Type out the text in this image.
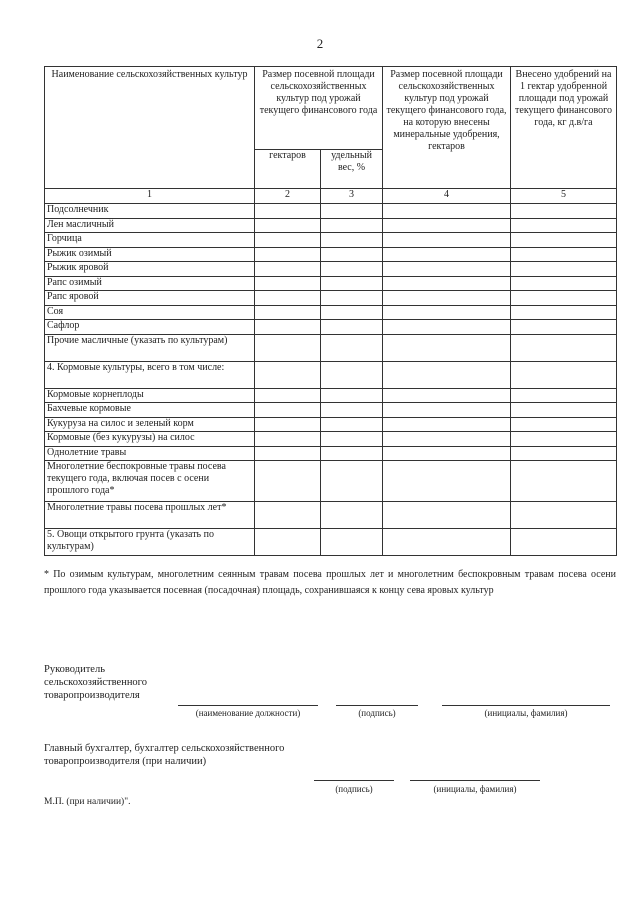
2
Наименование сельскохозяйственных культур	Размер посевной площади сельскохозяйственных культур под урожай текущего финансового года		Размер посевной площади сельскохозяйственных культур под урожай текущего финансового года, на которую внесены минеральные удобрения, гектаров	Внесено удобрений на 1 гектар удобренной площади под урожай текущего финансового года, кг д.в/га
	гектаров	удельный вес, %		
1	2	3	4	5
Подсолнечник				
Лен масличный				
Горчица				
Рыжик озимый				
Рыжик яровой				
Рапс озимый				
Рапс яровой				
Соя				
Сафлор				
Прочие масличные (указать по культурам)				
4. Кормовые культуры, всего в том числе:				
Кормовые корнеплоды				
Бахчевые кормовые				
Кукуруза на силос и зеленый корм				
Кормовые (без кукурузы) на силос				
Однолетние травы				
Многолетние беспокровные травы посева текущего года, включая посев с осени прошлого года*				
Многолетние травы посева прошлых лет*				
5. Овощи открытого грунта (указать по культурам)				
* По озимым культурам, многолетним сеянным травам посева прошлых лет и многолетним беспокровным травам посева осени прошлого года указывается посевная (посадочная) площадь, сохранившаяся к концу сева яровых культур
Руководитель сельскохозяйственного товаропроизводителя
(наименование должности)	(подпись)	(инициалы, фамилия)
Главный бухгалтер, бухгалтер сельскохозяйственного товаропроизводителя (при наличии)
(подпись)	(инициалы, фамилия)
М.П. (при наличии)".
